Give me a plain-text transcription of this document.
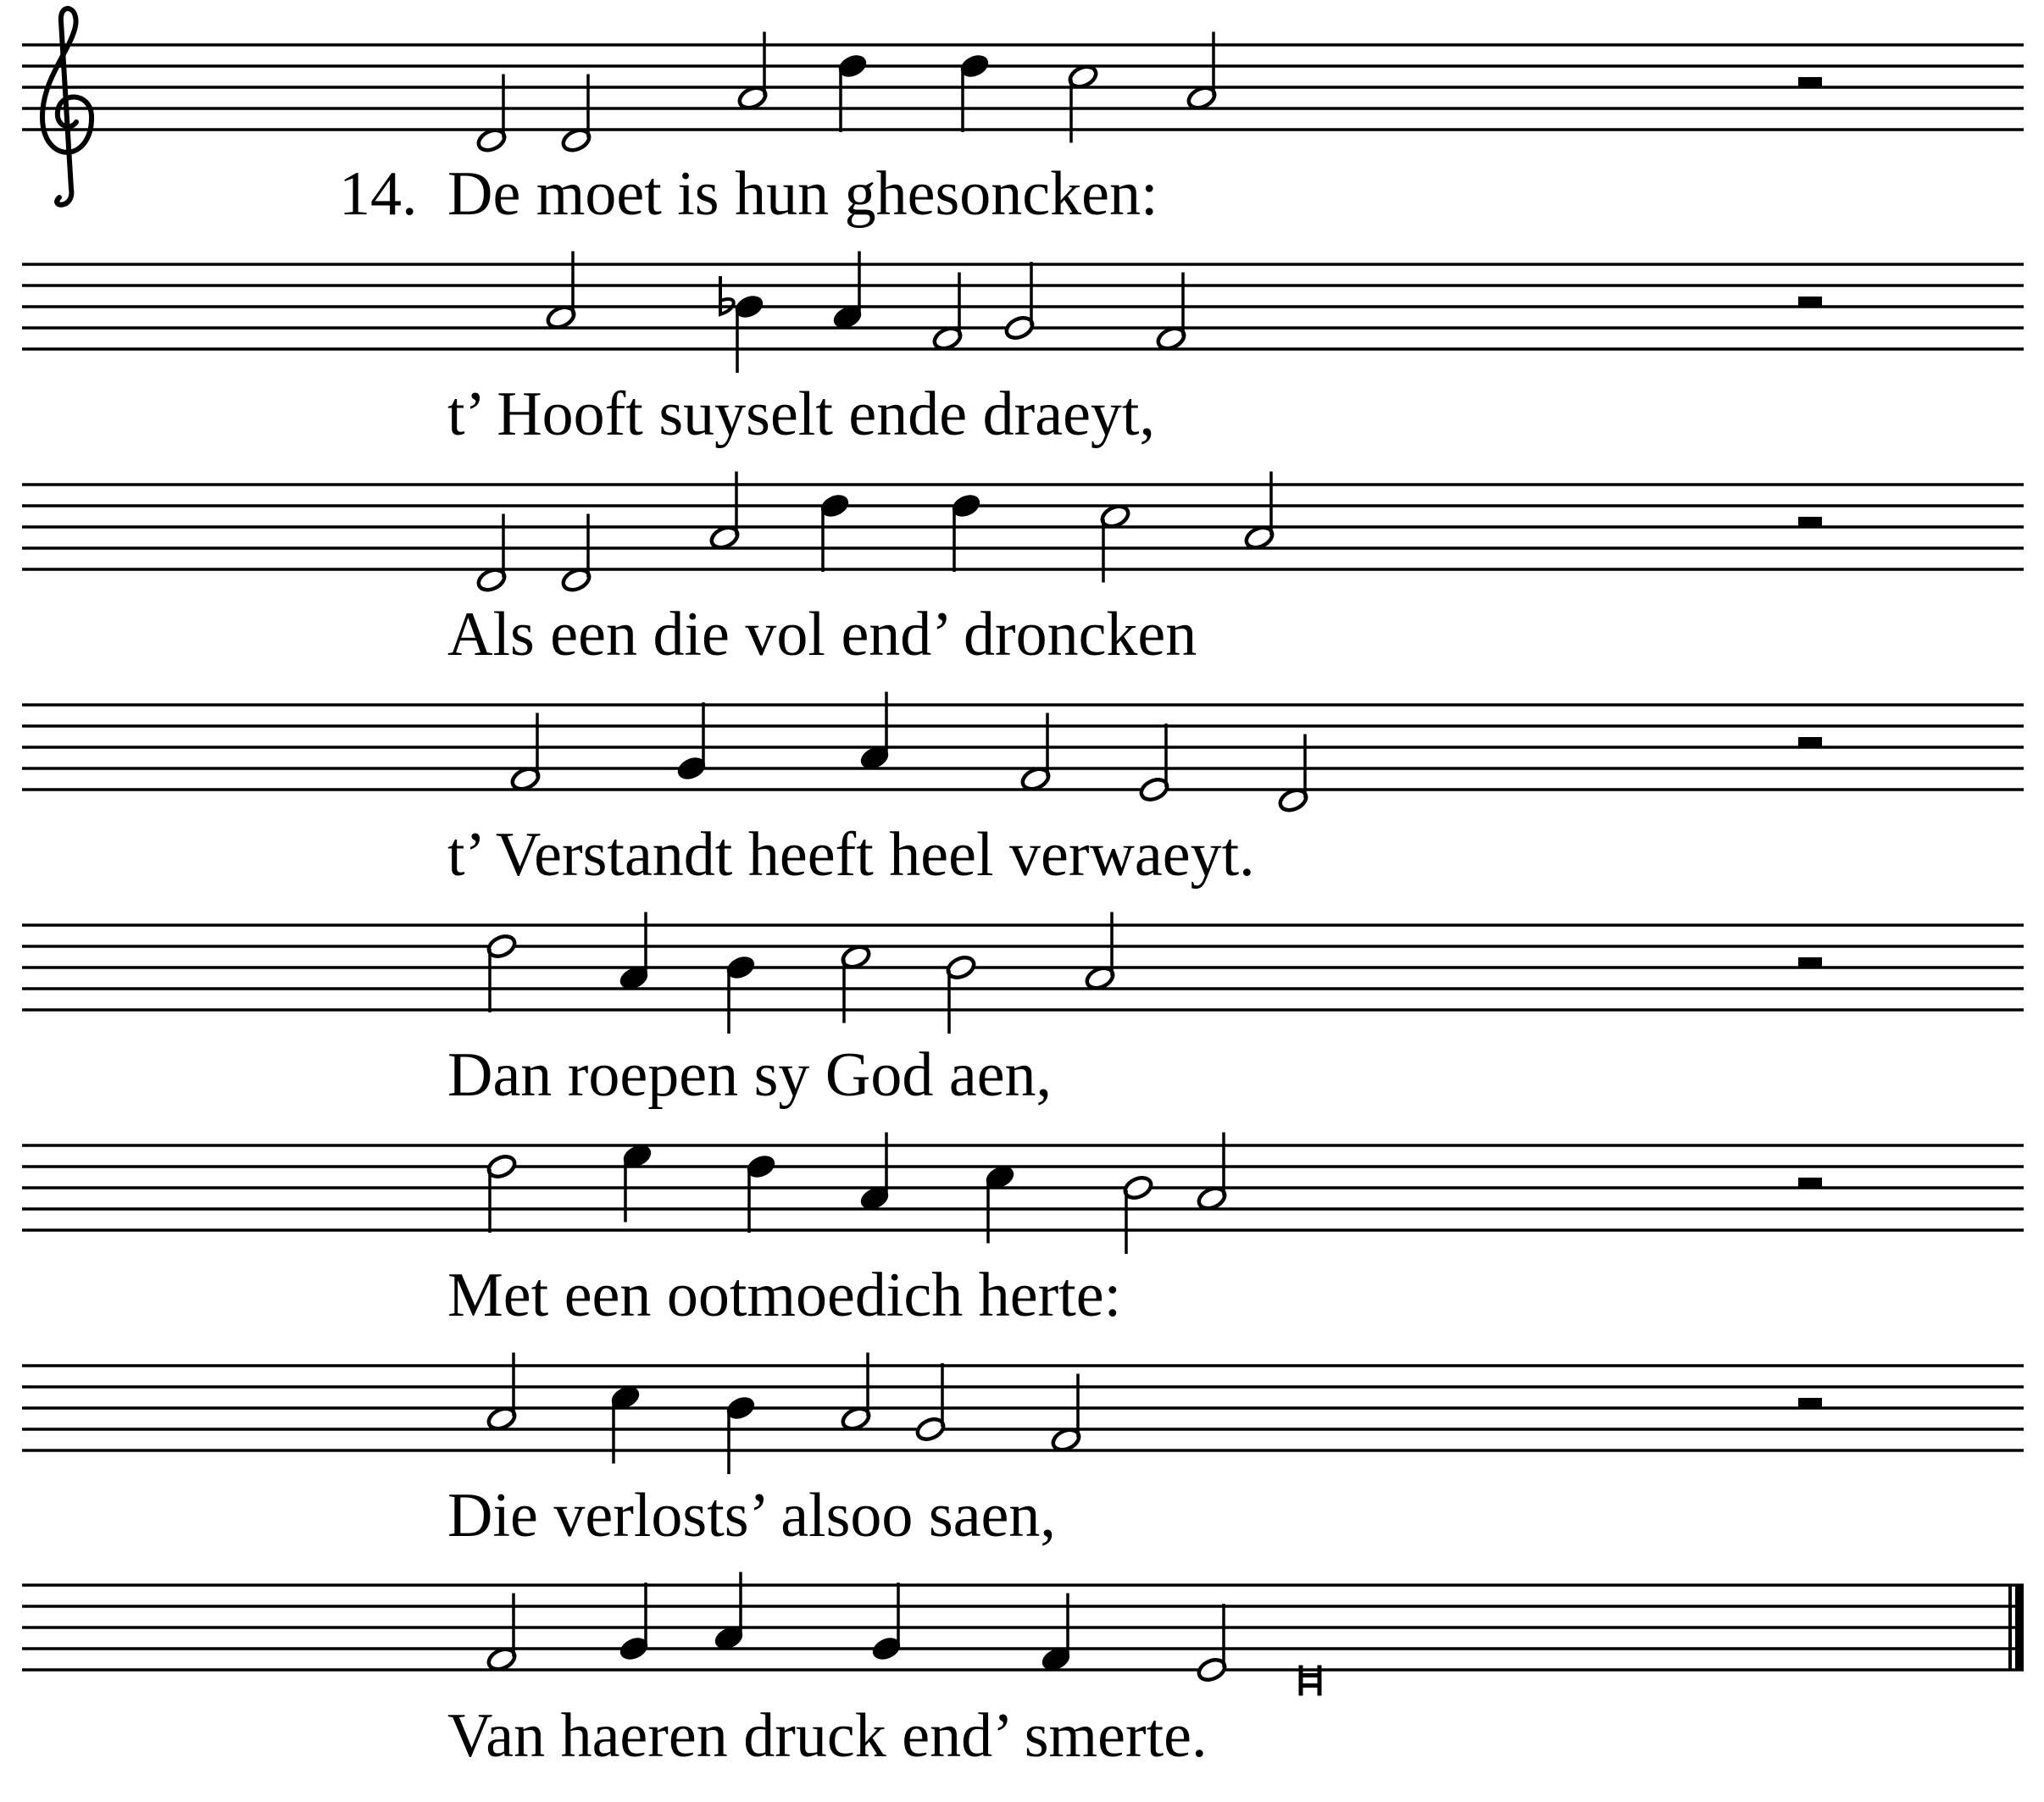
De moet is hun ghesoncken:
14.
t’ Hooft suyselt ende draeyt,
Als een die vol end’ droncken
t’ Verstandt heeft heel verwaeyt.
Dan roepen sy God aen,
Met een ootmoedich herte:
Die verlosts’ alsoo saen,
Van haeren druck end’ smerte.
